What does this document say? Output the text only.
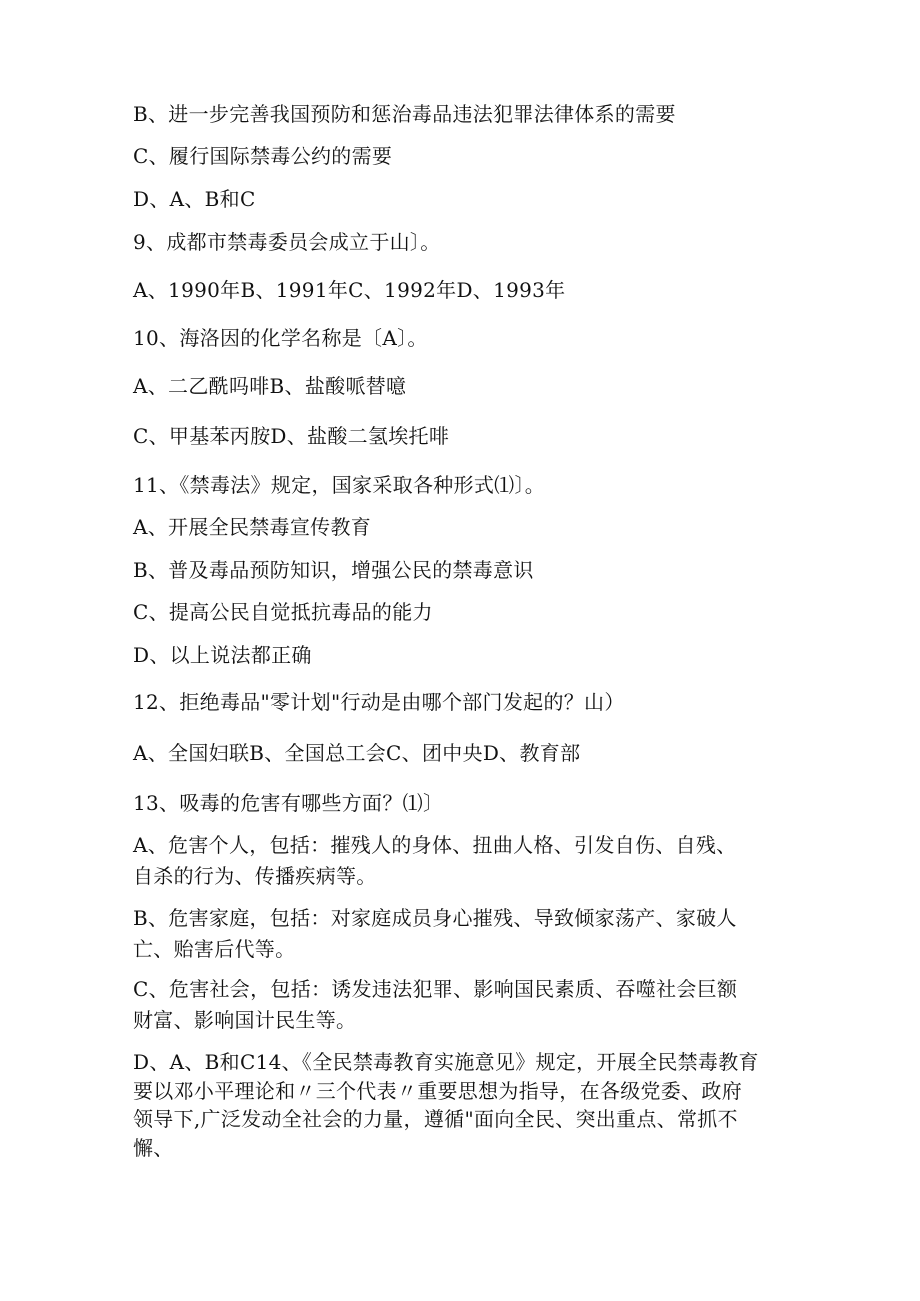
B、进一步完善我国预防和惩治毒品违法犯罪法律体系的需要
C、履行国际禁毒公约的需要
D、A、B和C
9、成都市禁毒委员会成立于山〕。
A、1990年B、1991年C、1992年D、1993年
10、海洛因的化学名称是〔A〕。
A、二乙酰吗啡B、盐酸哌替噫
C、甲基苯丙胺D、盐酸二氢埃托啡
11、《禁毒法》规定，国家采取各种形式⑴〕。
A、开展全民禁毒宣传教育
B、普及毒品预防知识，增强公民的禁毒意识
C、提高公民自觉抵抗毒品的能力
D、以上说法都正确
12、拒绝毒品"零计划"行动是由哪个部门发起的？山）
A、全国妇联B、全国总工会C、团中央D、教育部
13、吸毒的危害有哪些方面？⑴〕
A、危害个人，包括：摧残人的身体、扭曲人格、引发自伤、自残、
自杀的行为、传播疾病等。
B、危害家庭，包括：对家庭成员身心摧残、导致倾家荡产、家破人
亡、贻害后代等。
C、危害社会，包括：诱发违法犯罪、影响国民素质、吞噬社会巨额
财富、影响国计民生等。
D、A、B和C14、《全民禁毒教育实施意见》规定，开展全民禁毒教育
要以邓小平理论和〃三个代表〃重要思想为指导，在各级党委、政府
领导下,广泛发动全社会的力量，遵循"面向全民、突出重点、常抓不
懈、
